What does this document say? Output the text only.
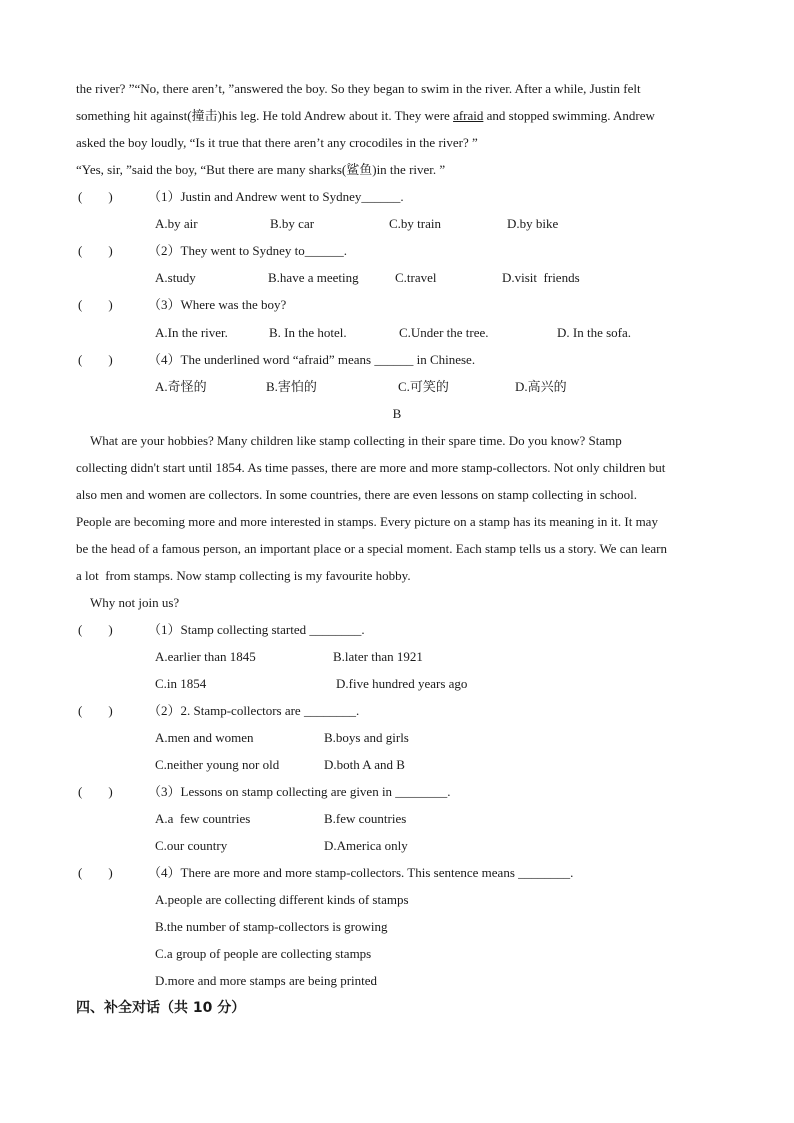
the river? ”“No, there aren’t, ”answered the boy. So they began to swim in the river. After a while, Justin felt
something hit against(撞击)his leg. He told Andrew about it. They were afraid and stopped swimming. Andrew
asked the boy loudly, “Is it true that there aren’t any crocodiles in the river? ”
“Yes, sir, ”said the boy, “But there are many sharks(鲨鱼)in the river. ”
(        )	（1）Justin and Andrew went to Sydney______.
A.by air	B.by car	C.by train	D.by bike
(        )	（2）They went to Sydney to______.
A.study	B.have a meeting	C.travel	D.visit  friends
(        )	（3）Where was the boy?
A.In the river.	B. In the hotel.	C.Under the tree.	D. In the sofa.
(        )	（4）The underlined word “afraid” means ______ in Chinese.
A.奇怪的	B.害怕的	C.可笑的	D.高兴的
B
What are your hobbies? Many children like stamp collecting in their spare time. Do you know? Stamp
collecting didn't start until 1854. As time passes, there are more and more stamp-collectors. Not only children but
also men and women are collectors. In some countries, there are even lessons on stamp collecting in school.
People are becoming more and more interested in stamps. Every picture on a stamp has its meaning in it. It may
be the head of a famous person, an important place or a special moment. Each stamp tells us a story. We can learn
a lot  from stamps. Now stamp collecting is my favourite hobby.
Why not join us?
(        )	（1）Stamp collecting started ________.
A.earlier than 1845	B.later than 1921
C.in 1854	D.five hundred years ago
(        )	（2）2. Stamp-collectors are ________.
A.men and women	B.boys and girls
C.neither young nor old	D.both A and B
(        )	（3）Lessons on stamp collecting are given in ________.
A.a  few countries	B.few countries
C.our country	D.America only
(        )	（4）There are more and more stamp-collectors. This sentence means ________.
A.people are collecting different kinds of stamps
B.the number of stamp-collectors is growing
C.a group of people are collecting stamps
D.more and more stamps are being printed
四、补全对话（共 10 分）
